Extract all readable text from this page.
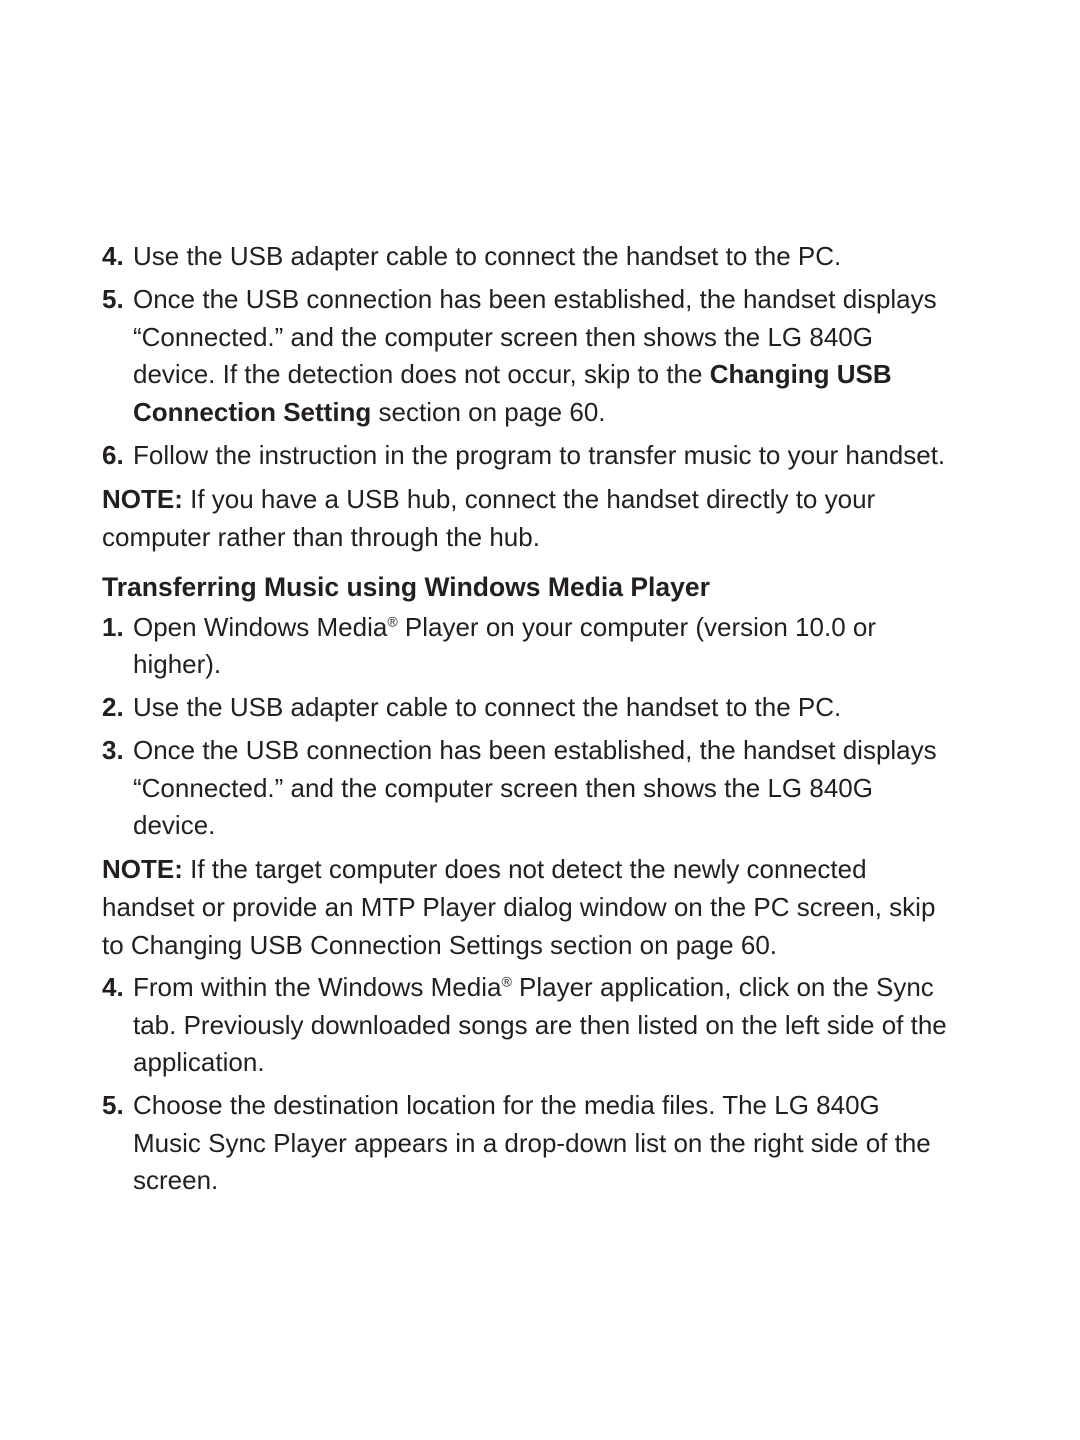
4. Use the USB adapter cable to connect the handset to the PC.
5. Once the USB connection has been established, the handset displays
“Connected.” and the computer screen then shows the LG 840G
device. If the detection does not occur, skip to the Changing USB
Connection Setting section on page 60.
6. Follow the instruction in the program to transfer music to your handset.
NOTE: If you have a USB hub, connect the handset directly to your
computer rather than through the hub.
Transferring Music using Windows Media Player
1. Open Windows Media® Player on your computer (version 10.0 or
higher).
2. Use the USB adapter cable to connect the handset to the PC.
3. Once the USB connection has been established, the handset displays
“Connected.” and the computer screen then shows the LG 840G
device.
NOTE: If the target computer does not detect the newly connected
handset or provide an MTP Player dialog window on the PC screen, skip
to Changing USB Connection Settings section on page 60.
4. From within the Windows Media® Player application, click on the Sync
tab. Previously downloaded songs are then listed on the left side of the
application.
5. Choose the destination location for the media files. The LG 840G
Music Sync Player appears in a drop-down list on the right side of the
screen.
